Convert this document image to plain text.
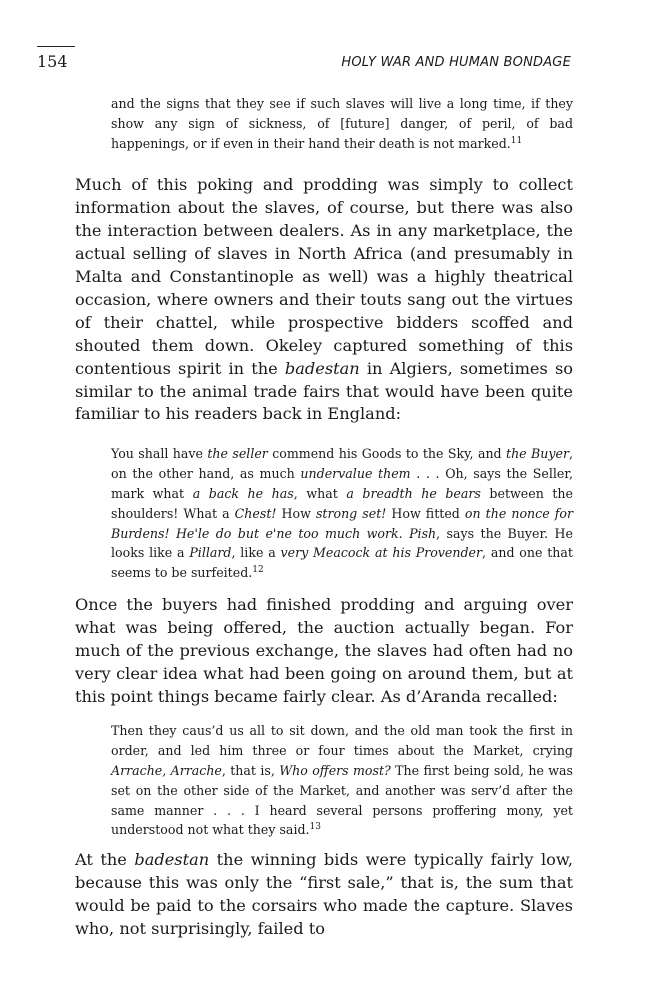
154	HOLY WAR AND HUMAN BONDAGE

and the signs that they see if such slaves will live a long time, if they show any sign of sickness, of [future] danger, of peril, of bad happenings, or if even in their hand their death is not marked.$^{11}$

Much of this poking and prodding was simply to collect information about the slaves, of course, but there was also the interaction between dealers. As in any marketplace, the actual selling of slaves in North Africa (and presumably in Malta and Constantinople as well) was a highly theatrical occasion, where owners and their touts sang out the virtues of their chattel, while prospective bidders scoffed and shouted them down. Okeley captured something of this contentious spirit in the badestan in Algiers, sometimes so similar to the animal trade fairs that would have been quite familiar to his readers back in England:

You shall have the seller commend his Goods to the Sky, and the Buyer, on the other hand, as much undervalue them . . . Oh, says the Seller, mark what a back he has, what a breadth he bears between the shoulders! What a Chest! How strong set! How fitted on the nonce for Burdens! He'le do but e'ne too much work. Pish, says the Buyer. He looks like a Pillard, like a very Meacock at his Provender, and one that seems to be surfeited.$^{12}$

Once the buyers had finished prodding and arguing over what was being offered, the auction actually began. For much of the previous exchange, the slaves had often had no very clear idea what had been going on around them, but at this point things became fairly clear. As d’Aranda recalled:

Then they caus’d us all to sit down, and the old man took the first in order, and led him three or four times about the Market, crying Arrache, Arrache, that is, Who offers most? The first being sold, he was set on the other side of the Market, and another was serv’d after the same manner . . . I heard several persons proffering mony, yet understood not what they said.$^{13}$

At the badestan the winning bids were typically fairly low, because this was only the “first sale,” that is, the sum that would be paid to the corsairs who made the capture. Slaves who, not surprisingly, failed to
